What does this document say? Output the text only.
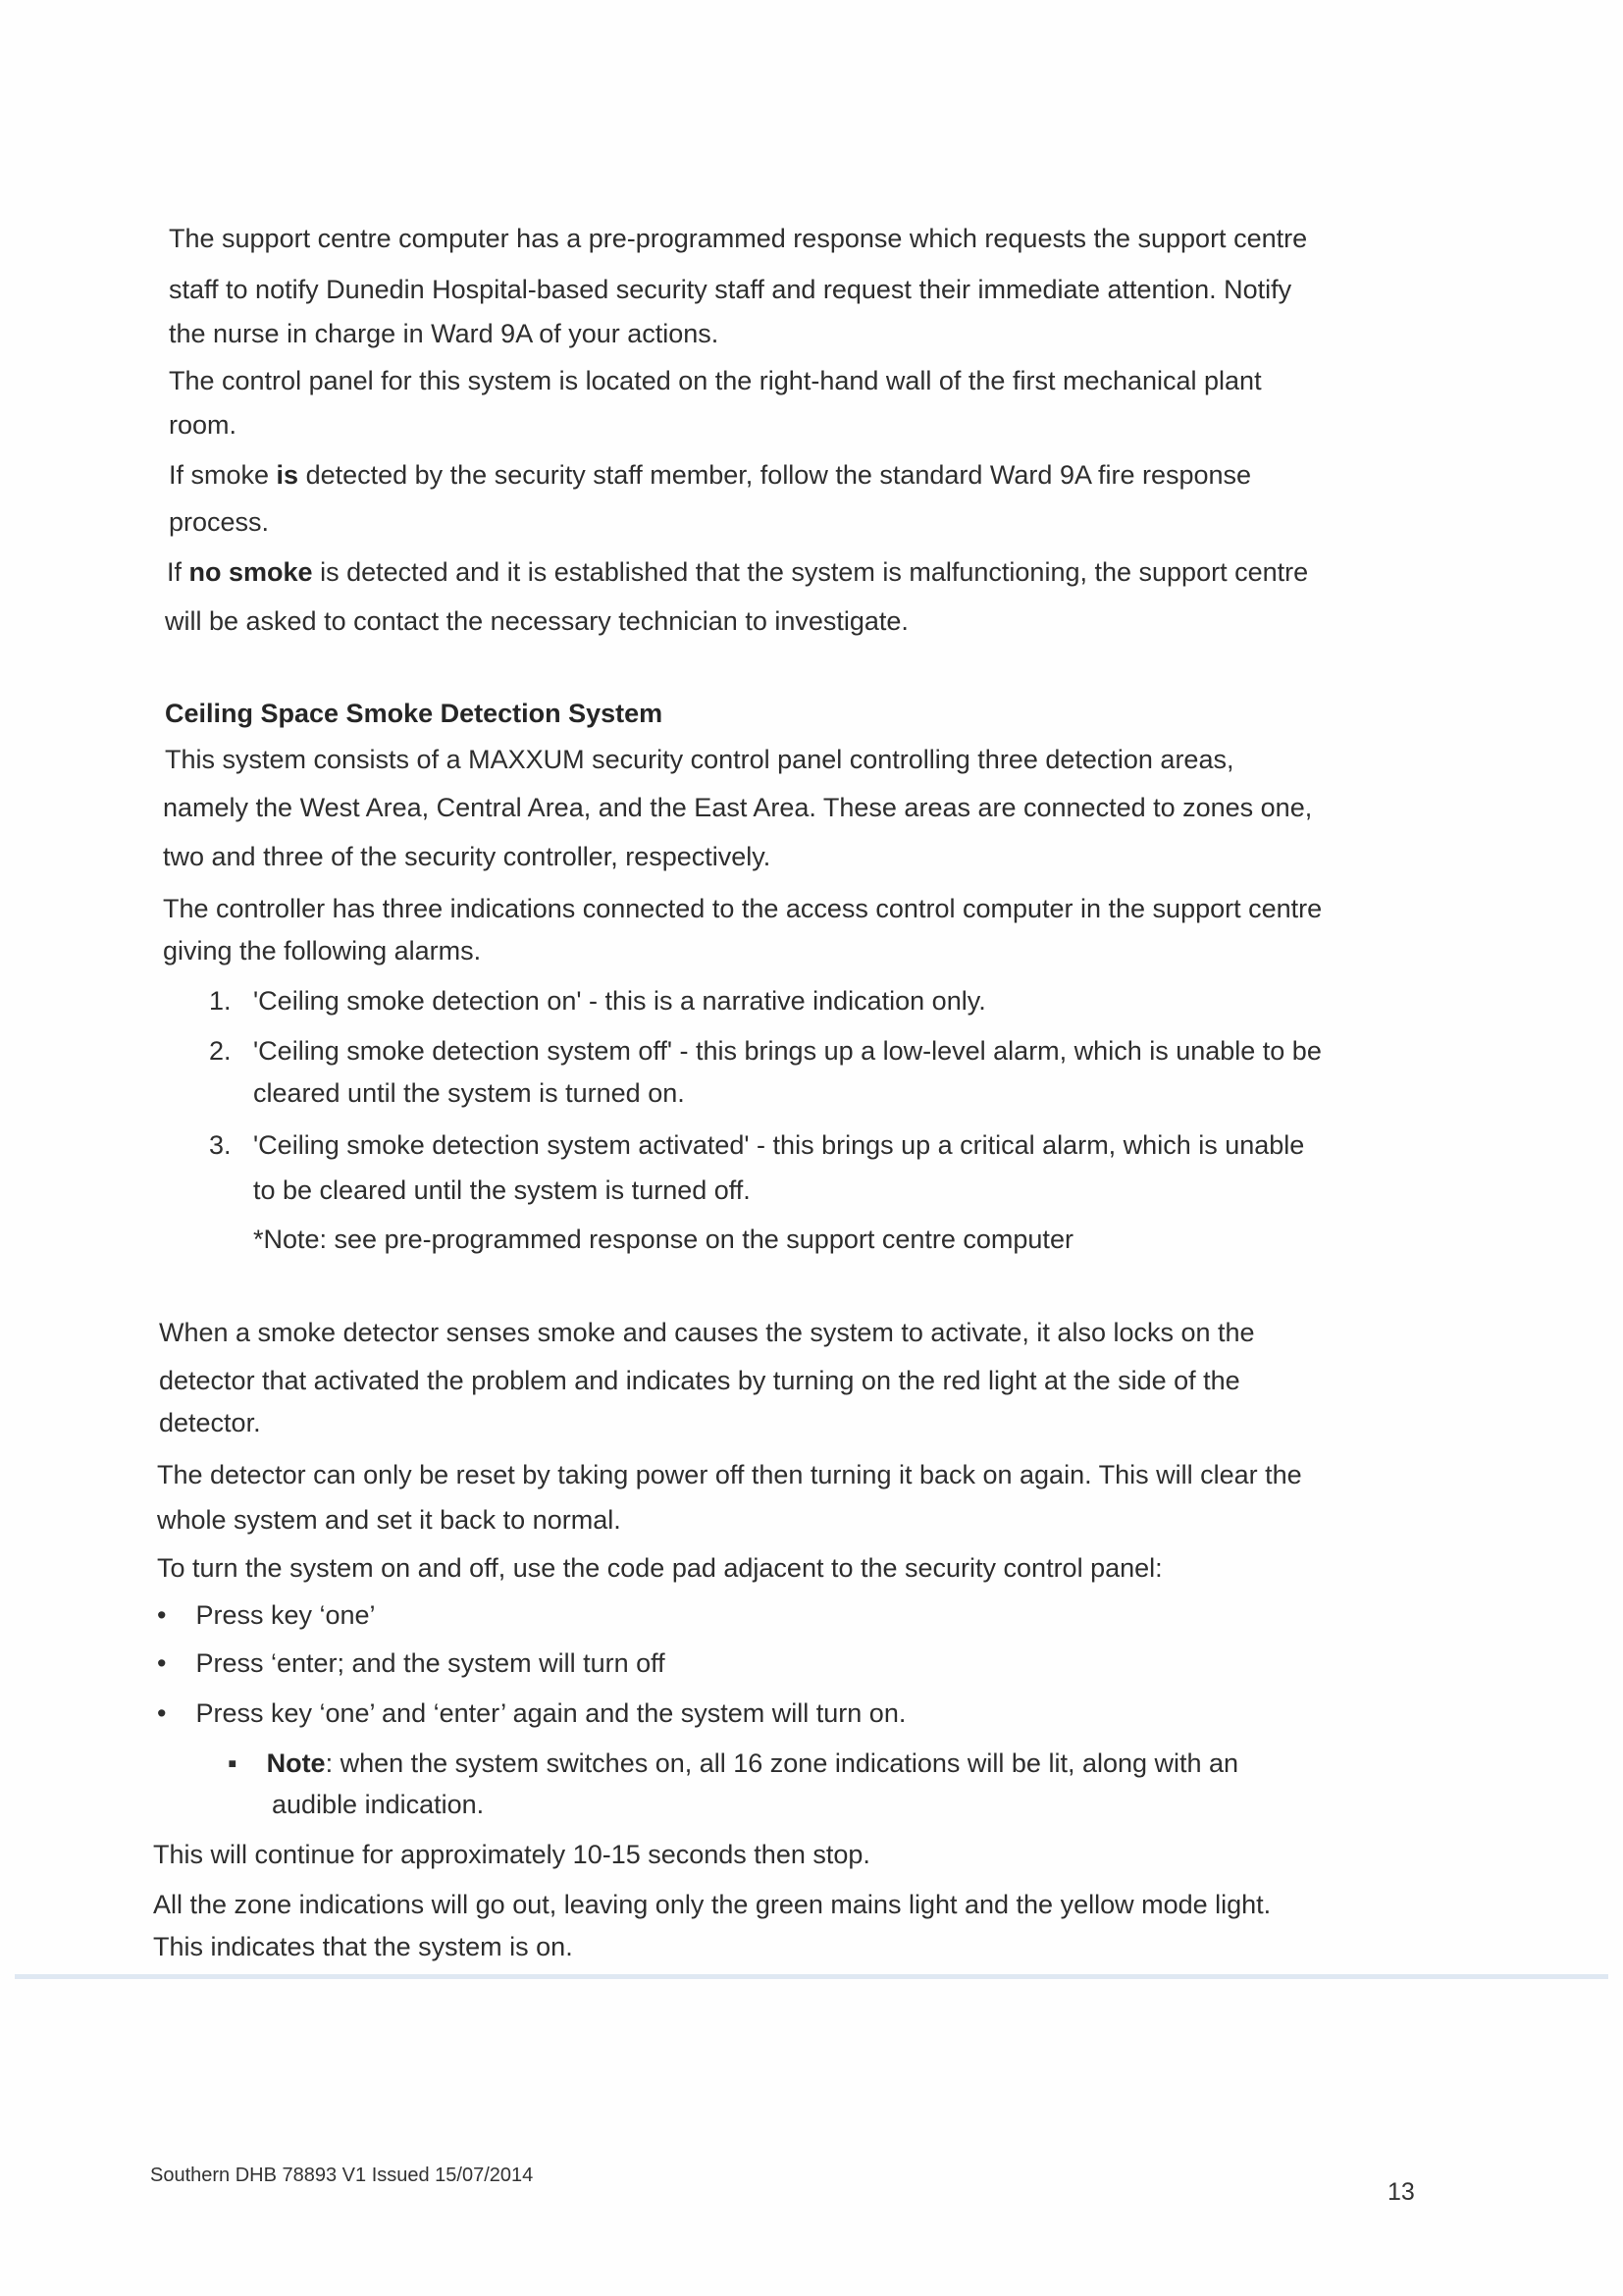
The support centre computer has a pre-programmed response which requests the support centre
staff to notify Dunedin Hospital-based security staff and request their immediate attention. Notify
the nurse in charge in Ward 9A of your actions.
The control panel for this system is located on the right-hand wall of the first mechanical plant
room.
If smoke is detected by the security staff member, follow the standard Ward 9A fire response
process.
If no smoke is detected and it is established that the system is malfunctioning, the support centre
will be asked to contact the necessary technician to investigate.
Ceiling Space Smoke Detection System
This system consists of a MAXXUM security control panel controlling three detection areas,
namely the West Area, Central Area, and the East Area. These areas are connected to zones one,
two and three of the security controller, respectively.
The controller has three indications connected to the access control computer in the support centre
giving the following alarms.
1.   'Ceiling smoke detection on' - this is a narrative indication only.
2.   'Ceiling smoke detection system off' - this brings up a low-level alarm, which is unable to be
cleared until the system is turned on.
3.   'Ceiling smoke detection system activated' - this brings up a critical alarm, which is unable
to be cleared until the system is turned off.
*Note: see pre-programmed response on the support centre computer
When a smoke detector senses smoke and causes the system to activate, it also locks on the
detector that activated the problem and indicates by turning on the red light at the side of the
detector.
The detector can only be reset by taking power off then turning it back on again. This will clear the
whole system and set it back to normal.
To turn the system on and off, use the code pad adjacent to the security control panel:
•    Press key ‘one’
•    Press ‘enter; and the system will turn off
•    Press key ‘one’ and ‘enter’ again and the system will turn on.
▪    Note: when the system switches on, all 16 zone indications will be lit, along with an
audible indication.
This will continue for approximately 10-15 seconds then stop.
All the zone indications will go out, leaving only the green mains light and the yellow mode light.
This indicates that the system is on.
Southern DHB 78893 V1 Issued 15/07/2014
13
